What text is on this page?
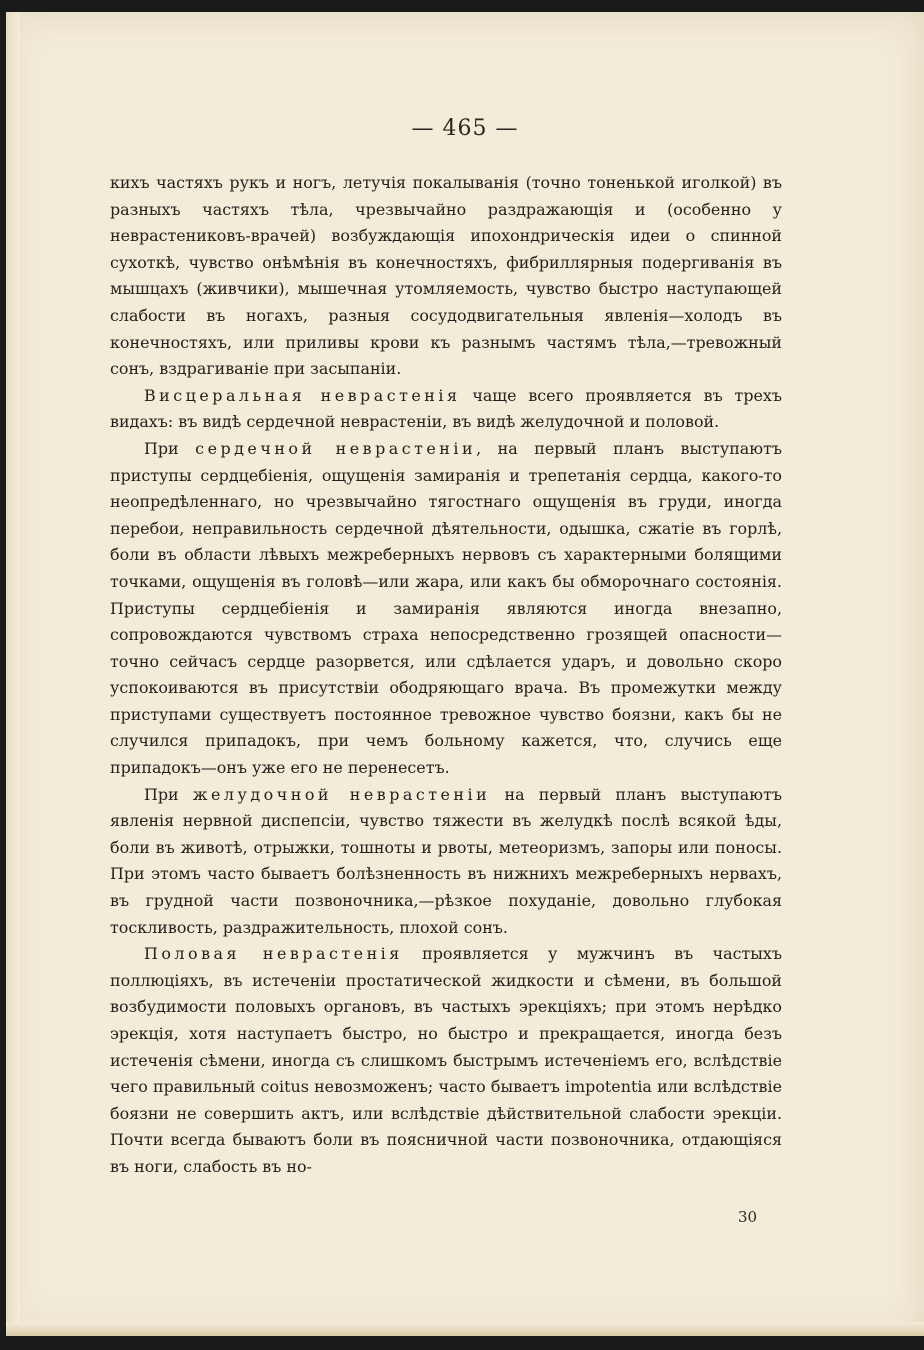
— 465 —

кихъ частяхъ рукъ и ногъ, летучія покалыванія (точно тоненькой иголкой) въ разныхъ частяхъ тѣла, чрезвычайно раздражающія и (особенно у неврастениковъ-врачей) возбуждающія ипохондрическія идеи о спинной сухоткѣ, чувство онѣмѣнія въ конечностяхъ, фибриллярныя подергиванія въ мышцахъ (живчики), мышечная утомляемость, чувство быстро наступающей слабости въ ногахъ, разныя сосудодвигательныя явленія—холодъ въ конечностяхъ, или приливы крови къ разнымъ частямъ тѣла,—тревожный сонъ, вздрагиваніе при засыпаніи.

Висцеральная неврастенія чаще всего проявляется въ трехъ видахъ: въ видѣ сердечной неврастеніи, въ видѣ желудочной и половой.

При сердечной неврастеніи, на первый планъ выступаютъ приступы сердцебіенія, ощущенія замиранія и трепетанія сердца, какого-то неопредѣленнаго, но чрезвычайно тягостнаго ощущенія въ груди, иногда перебои, неправильность сердечной дѣятельности, одышка, сжатіе въ горлѣ, боли въ области лѣвыхъ межреберныхъ нервовъ съ характерными болящими точками, ощущенія въ головѣ—или жара, или какъ бы обморочнаго состоянія. Приступы сердцебіенія и замиранія являются иногда внезапно, сопровождаются чувствомъ страха непосредственно грозящей опасности—точно сейчасъ сердце разорвется, или сдѣлается ударъ, и довольно скоро успокоиваются въ присутствіи ободряющаго врача. Въ промежутки между приступами существуетъ постоянное тревожное чувство боязни, какъ бы не случился припадокъ, при чемъ больному кажется, что, случись еще припадокъ—онъ уже его не перенесетъ.

При желудочной неврастеніи на первый планъ выступаютъ явленія нервной диспепсіи, чувство тяжести въ желудкѣ послѣ всякой ѣды, боли въ животѣ, отрыжки, тошноты и рвоты, метеоризмъ, запоры или поносы. При этомъ часто бываетъ болѣзненность въ нижнихъ межреберныхъ нервахъ, въ грудной части позвоночника,—рѣзкое похуданіе, довольно глубокая тоскливость, раздражительность, плохой сонъ.

Половая неврастенія проявляется у мужчинъ въ частыхъ поллюціяхъ, въ истеченіи простатической жидкости и сѣмени, въ большой возбудимости половыхъ органовъ, въ частыхъ эрекціяхъ; при этомъ нерѣдко эрекція, хотя наступаетъ быстро, но быстро и прекращается, иногда безъ истеченія сѣмени, иногда съ слишкомъ быстрымъ истеченіемъ его, вслѣдствіе чего правильный coitus невозможенъ; часто бываетъ impotentia или вслѣдствіе боязни не совершить актъ, или вслѣдствіе дѣйствительной слабости эрекціи. Почти всегда бываютъ боли въ поясничной части позвоночника, отдающіяся въ ноги, слабость въ но-

30
